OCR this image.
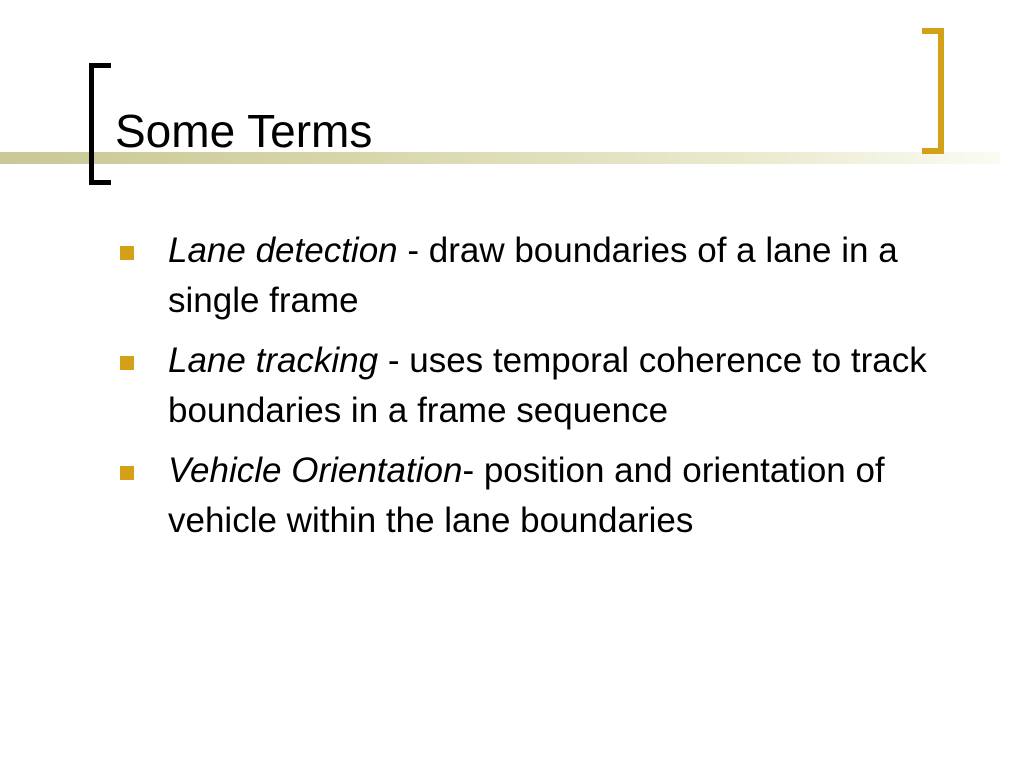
Some Terms
Lane detection - draw boundaries of a lane in a single frame
Lane tracking - uses temporal coherence to track boundaries in a frame sequence
Vehicle Orientation- position and orientation of vehicle within the lane boundaries
